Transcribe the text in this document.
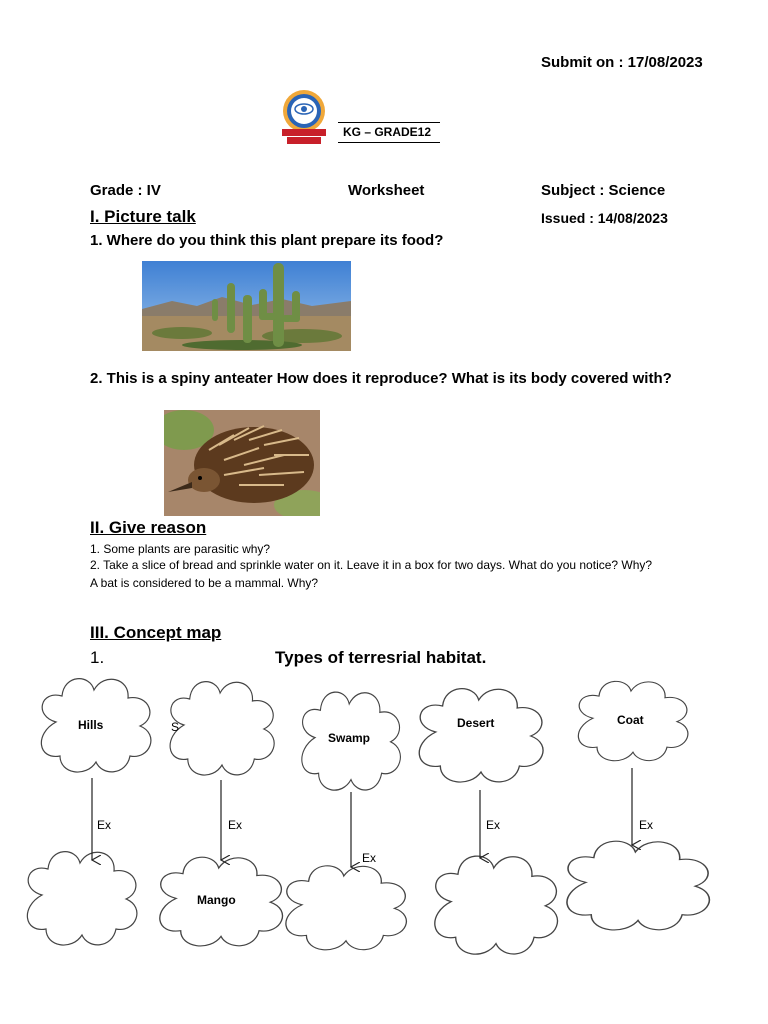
Submit on : 17/08/2023
KG – GRADE12
Grade : IV	Worksheet	Subject : Science
I. Picture talk	Issued : 14/08/2023
1. Where do you think this plant prepare its food?
2. This is a spiny anteater How does it reproduce? What is its body covered with?
II. Give reason
1. Some plants are parasitic why?
2. Take a slice of bread and sprinkle water on it. Leave it in a box for two days. What do you notice? Why?
A bat is considered to be a mammal. Why?
III. Concept map
1.	Types of terresrial habitat.
Hills	S
Swamp
Desert	Coat
Mango
Ex	Ex
Ex
Ex	Ex
